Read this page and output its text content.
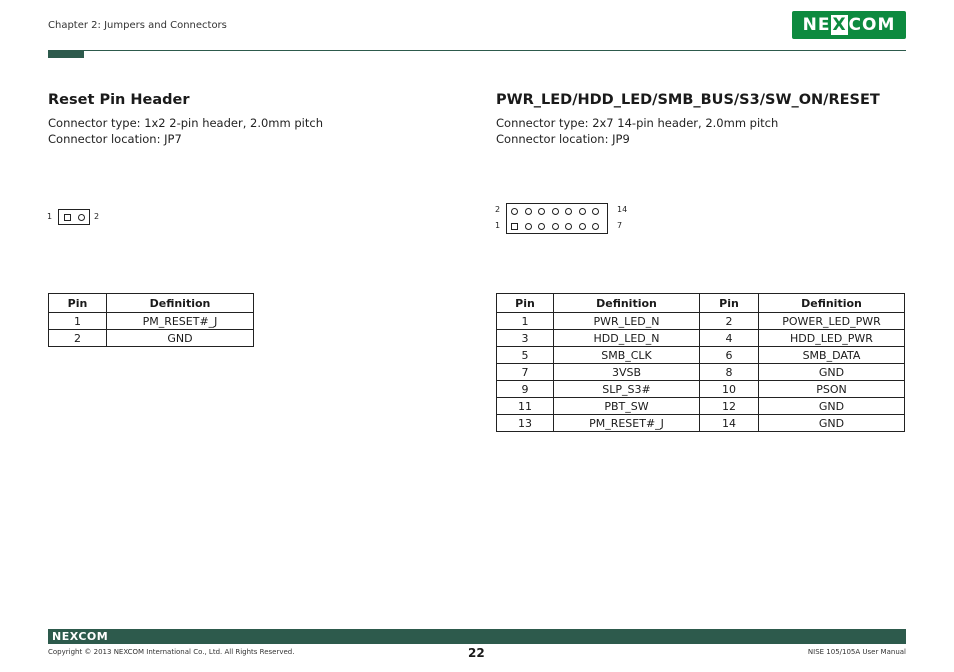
Chapter 2: Jumpers and Connectors	NE X COM
Reset Pin Header
Connector type: 1x2 2-pin header, 2.0mm pitch
Connector location: JP7
1	2
Pin	Definition
1	PM_RESET#_J
2	GND
PWR_LED/HDD_LED/SMB_BUS/S3/SW_ON/RESET
Connector type: 2x7 14-pin header, 2.0mm pitch
Connector location: JP9
2
1
14
7
Pin	Definition	Pin	Definition
1	PWR_LED_N	2	POWER_LED_PWR
3	HDD_LED_N	4	HDD_LED_PWR
5	SMB_CLK	6	SMB_DATA
7	3VSB	8	GND
9	SLP_S3#	10	PSON
11	PBT_SW	12	GND
13	PM_RESET#_J	14	GND
NEXCOM
Copyright © 2013 NEXCOM International Co., Ltd. All Rights Reserved.	22	NISE 105/105A User Manual
